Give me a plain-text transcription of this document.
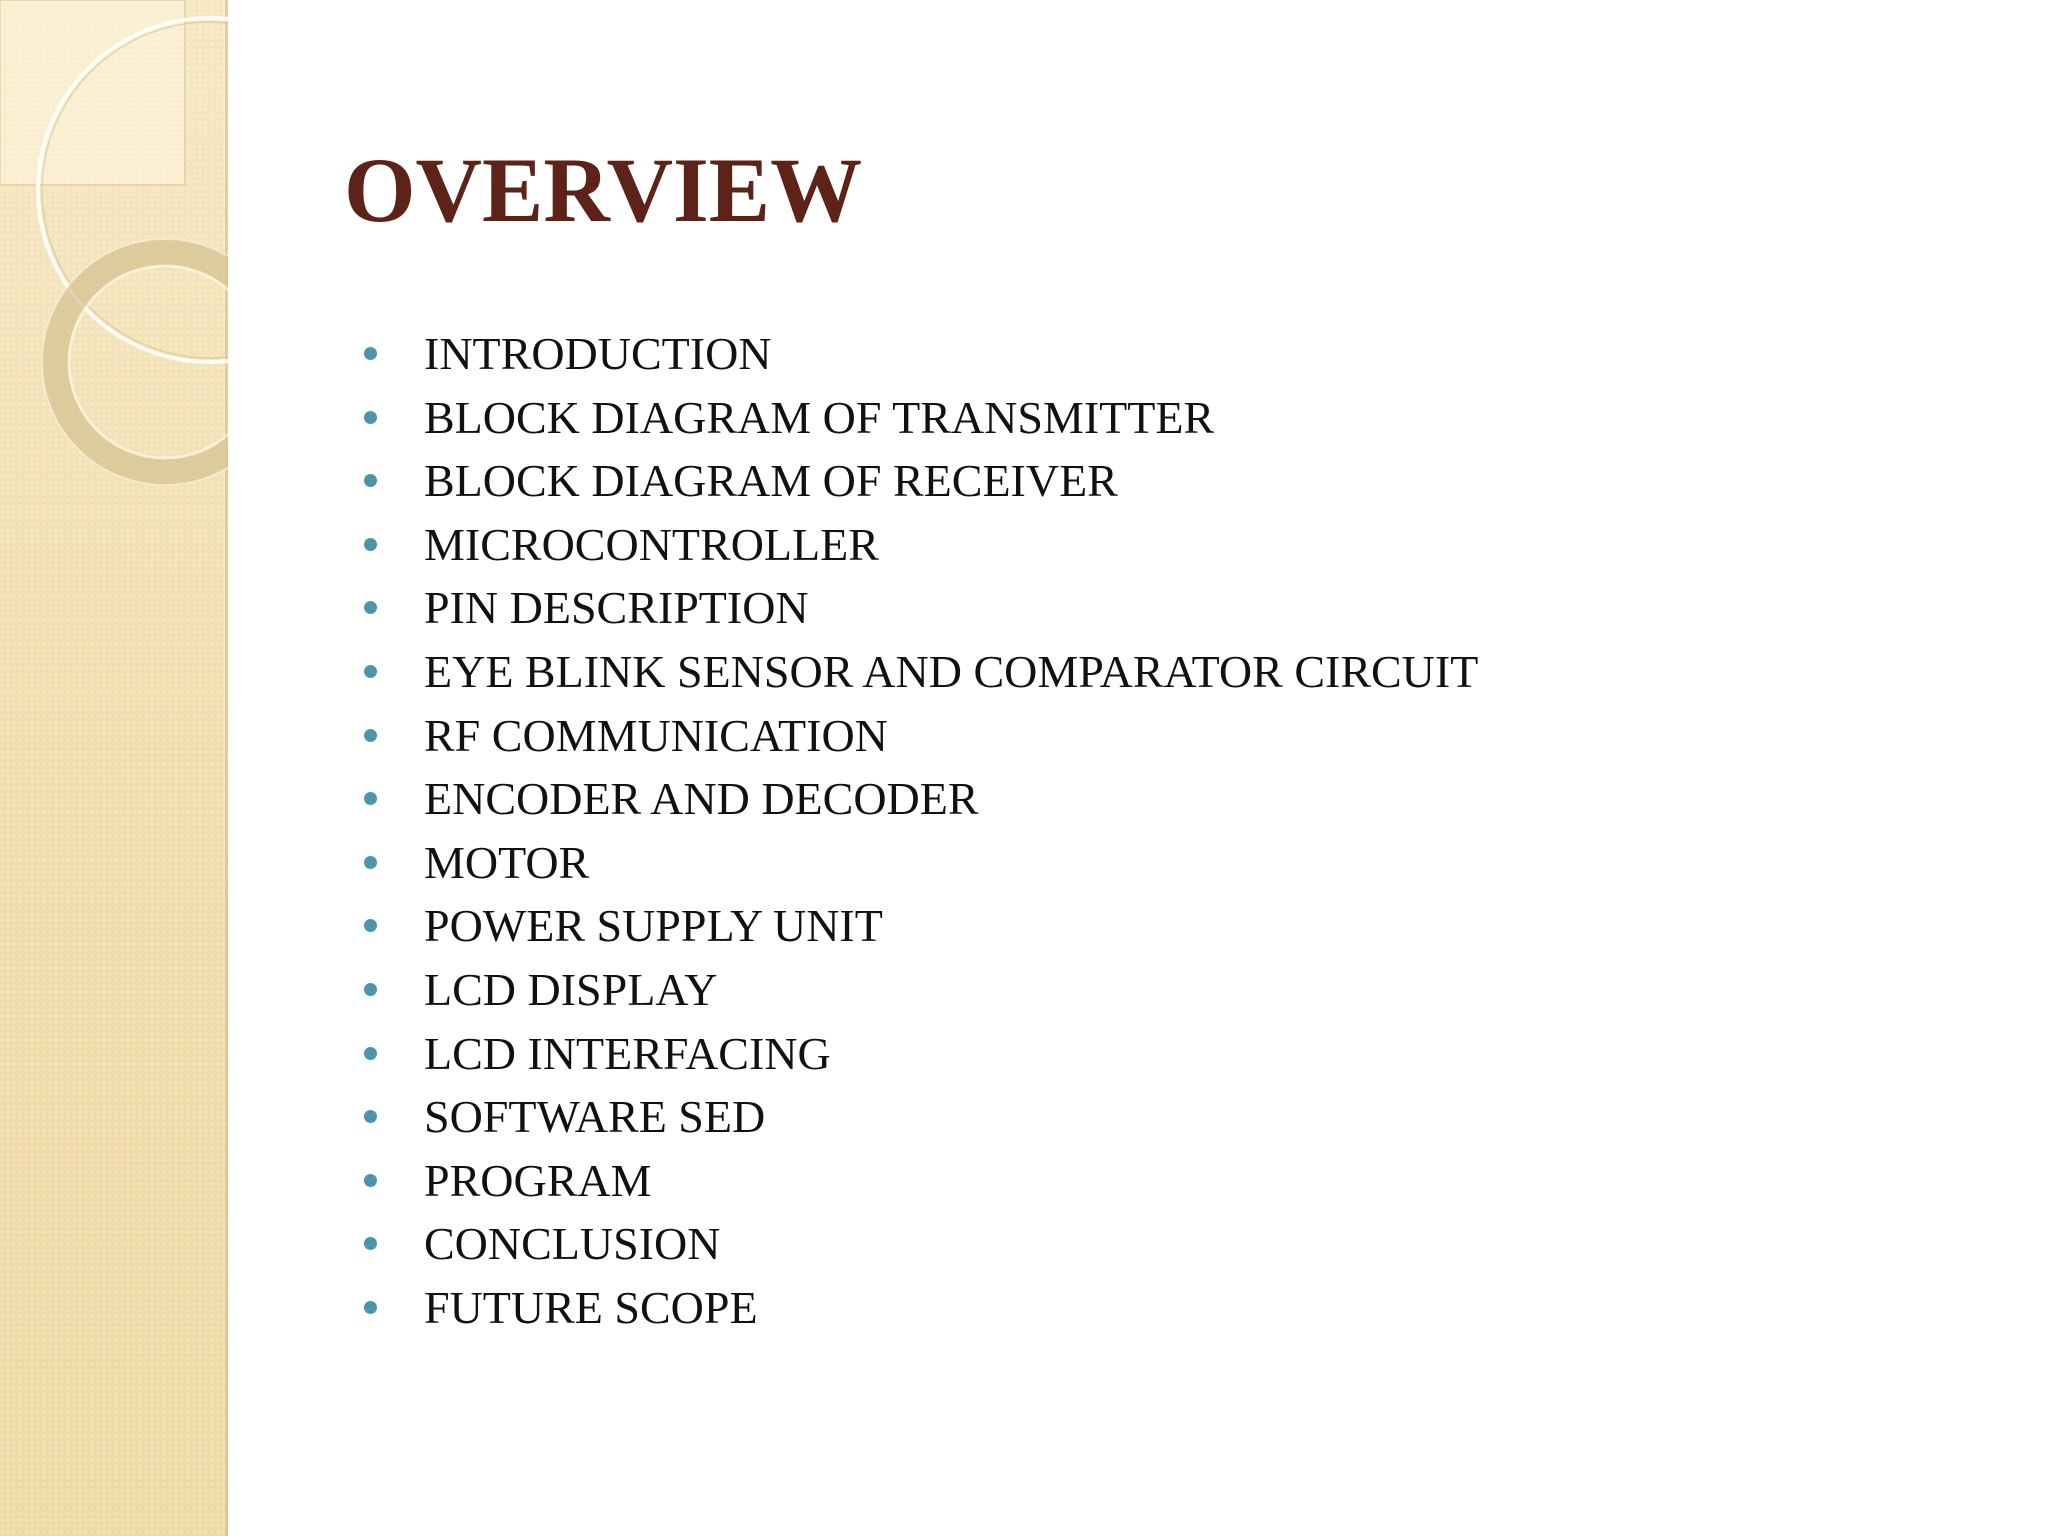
OVERVIEW
INTRODUCTION
BLOCK DIAGRAM OF TRANSMITTER
BLOCK DIAGRAM OF RECEIVER
MICROCONTROLLER
PIN DESCRIPTION
EYE BLINK SENSOR AND COMPARATOR CIRCUIT
RF COMMUNICATION
ENCODER AND DECODER
MOTOR
POWER SUPPLY UNIT
LCD DISPLAY
LCD INTERFACING
SOFTWARE SED
PROGRAM
CONCLUSION
FUTURE SCOPE
